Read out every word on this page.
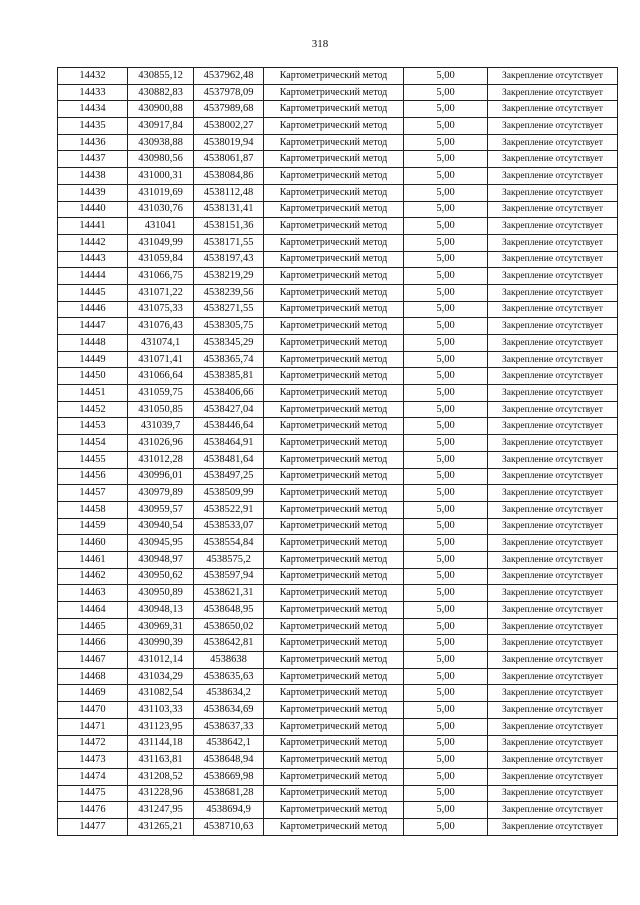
318
14432	430855,12	4537962,48	Картометрический метод	5,00	Закрепление отсутствует
14433	430882,83	4537978,09	Картометрический метод	5,00	Закрепление отсутствует
14434	430900,88	4537989,68	Картометрический метод	5,00	Закрепление отсутствует
14435	430917,84	4538002,27	Картометрический метод	5,00	Закрепление отсутствует
14436	430938,88	4538019,94	Картометрический метод	5,00	Закрепление отсутствует
14437	430980,56	4538061,87	Картометрический метод	5,00	Закрепление отсутствует
14438	431000,31	4538084,86	Картометрический метод	5,00	Закрепление отсутствует
14439	431019,69	4538112,48	Картометрический метод	5,00	Закрепление отсутствует
14440	431030,76	4538131,41	Картометрический метод	5,00	Закрепление отсутствует
14441	431041	4538151,36	Картометрический метод	5,00	Закрепление отсутствует
14442	431049,99	4538171,55	Картометрический метод	5,00	Закрепление отсутствует
14443	431059,84	4538197,43	Картометрический метод	5,00	Закрепление отсутствует
14444	431066,75	4538219,29	Картометрический метод	5,00	Закрепление отсутствует
14445	431071,22	4538239,56	Картометрический метод	5,00	Закрепление отсутствует
14446	431075,33	4538271,55	Картометрический метод	5,00	Закрепление отсутствует
14447	431076,43	4538305,75	Картометрический метод	5,00	Закрепление отсутствует
14448	431074,1	4538345,29	Картометрический метод	5,00	Закрепление отсутствует
14449	431071,41	4538365,74	Картометрический метод	5,00	Закрепление отсутствует
14450	431066,64	4538385,81	Картометрический метод	5,00	Закрепление отсутствует
14451	431059,75	4538406,66	Картометрический метод	5,00	Закрепление отсутствует
14452	431050,85	4538427,04	Картометрический метод	5,00	Закрепление отсутствует
14453	431039,7	4538446,64	Картометрический метод	5,00	Закрепление отсутствует
14454	431026,96	4538464,91	Картометрический метод	5,00	Закрепление отсутствует
14455	431012,28	4538481,64	Картометрический метод	5,00	Закрепление отсутствует
14456	430996,01	4538497,25	Картометрический метод	5,00	Закрепление отсутствует
14457	430979,89	4538509,99	Картометрический метод	5,00	Закрепление отсутствует
14458	430959,57	4538522,91	Картометрический метод	5,00	Закрепление отсутствует
14459	430940,54	4538533,07	Картометрический метод	5,00	Закрепление отсутствует
14460	430945,95	4538554,84	Картометрический метод	5,00	Закрепление отсутствует
14461	430948,97	4538575,2	Картометрический метод	5,00	Закрепление отсутствует
14462	430950,62	4538597,94	Картометрический метод	5,00	Закрепление отсутствует
14463	430950,89	4538621,31	Картометрический метод	5,00	Закрепление отсутствует
14464	430948,13	4538648,95	Картометрический метод	5,00	Закрепление отсутствует
14465	430969,31	4538650,02	Картометрический метод	5,00	Закрепление отсутствует
14466	430990,39	4538642,81	Картометрический метод	5,00	Закрепление отсутствует
14467	431012,14	4538638	Картометрический метод	5,00	Закрепление отсутствует
14468	431034,29	4538635,63	Картометрический метод	5,00	Закрепление отсутствует
14469	431082,54	4538634,2	Картометрический метод	5,00	Закрепление отсутствует
14470	431103,33	4538634,69	Картометрический метод	5,00	Закрепление отсутствует
14471	431123,95	4538637,33	Картометрический метод	5,00	Закрепление отсутствует
14472	431144,18	4538642,1	Картометрический метод	5,00	Закрепление отсутствует
14473	431163,81	4538648,94	Картометрический метод	5,00	Закрепление отсутствует
14474	431208,52	4538669,98	Картометрический метод	5,00	Закрепление отсутствует
14475	431228,96	4538681,28	Картометрический метод	5,00	Закрепление отсутствует
14476	431247,95	4538694,9	Картометрический метод	5,00	Закрепление отсутствует
14477	431265,21	4538710,63	Картометрический метод	5,00	Закрепление отсутствует
